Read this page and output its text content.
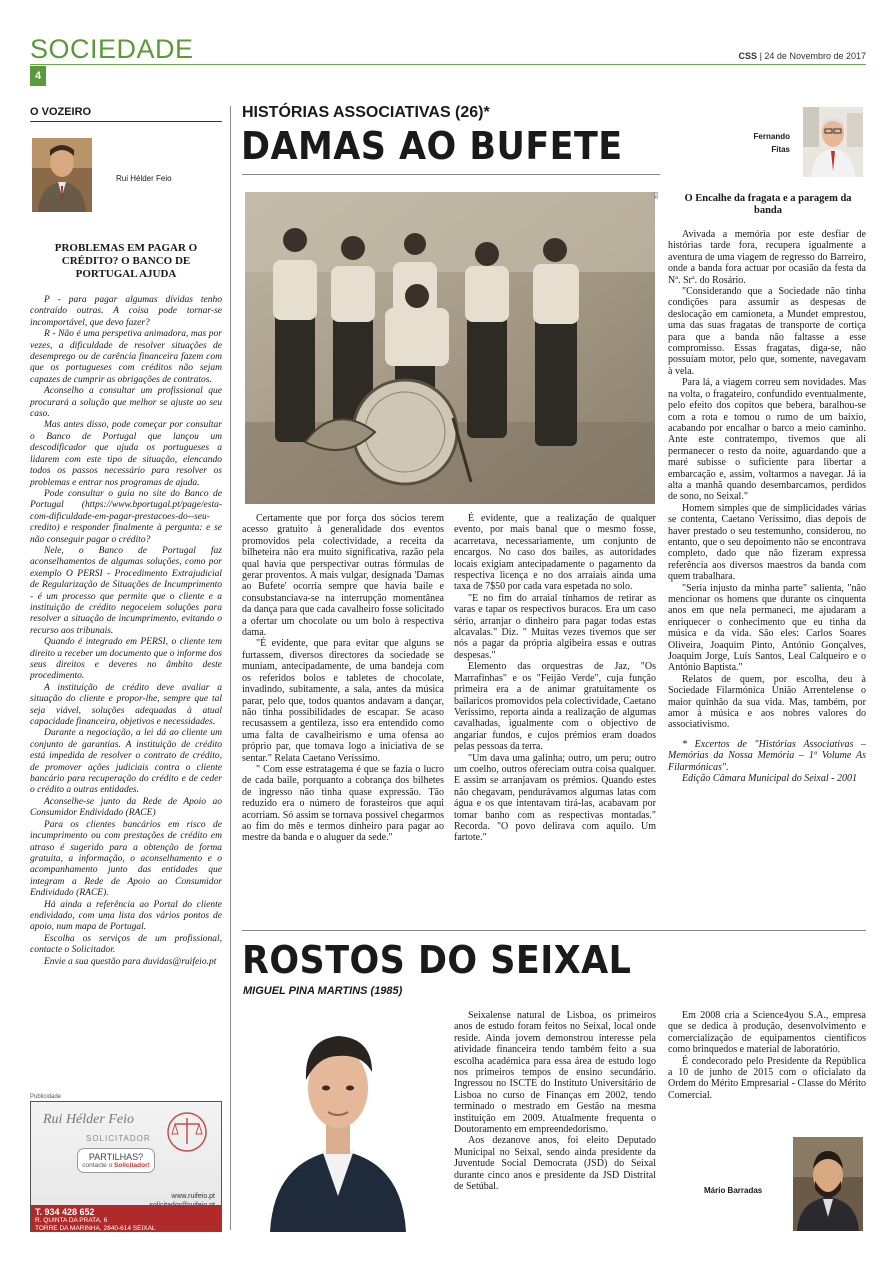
SOCIEDADE
4
CSS | 24 de Novembro de 2017
O VOZEIRO
Rui Hélder Feio
PROBLEMAS EM PAGAR O CRÉDITO? O BANCO DE PORTUGAL AJUDA

P - para pagar algumas dívidas tenho contraído outras. A coisa pode tornar-se incomportável, que devo fazer?

R - Não é uma perspetiva animadora, mas por vezes, a dificuldade de resolver situações de desemprego ou de carência financeira fazem com que os portugueses com créditos não sejam capazes de cumprir as obrigações de contratos.

Aconselho a consultar um profissional que procurará a solução que melhor se ajuste ao seu caso.

Mas antes disso, pode começar por consultar o Banco de Portugal que lançou um descodificador que ajuda os portugueses a lidarem com este tipo de situação, elencando todos os passos necessário para resolver os problemas e entrar nos programas de ajuda.

Pode consultar o guia no site do Banco de Portugal (https://www.bportugal.pt/page/esta-com-dificuldade-em-pagar-prestacoes-do--seu-credito) e responder finalmente à pergunta: e se não conseguir pagar o crédito?

Nele, o Banco de Portugal faz aconselhamentos de algumas soluções, como por exemplo O PERSI - Procedimento Extrajudicial de Regularização de Situações de Incumprimento - é um processo que permite que o cliente e a instituição de crédito negoceiem soluções para resolver a situação de incumprimento, evitando o recurso aos tribunais.

Quando é integrado em PERSI, o cliente tem direito a receber um documento que o informe dos seus direitos e deveres no âmbito deste procedimento.

A instituição de crédito deve avaliar a situação do cliente e propor-lhe, sempre que tal seja viável, soluções adequadas à atual capacidade financeira, objetivos e necessidades.

Durante a negociação, a lei dá ao cliente um conjunto de garantias. A instituição de crédito está impedida de resolver o contrato de crédito, de promover ações judiciais contra o cliente bancário para recuperação do crédito e de ceder o crédito a outras entidades.

Aconselhe-se junto da Rede de Apoio ao Consumidor Endividado (RACE)

Para os clientes bancários em risco de incumprimento ou com prestações de crédito em atraso é sugerido para a obtenção de forma gratuita, a informação, o aconselhamento e o acompanhamento junto das entidades que integram a Rede de Apoio ao Consumidor Endividado (RACE).

Há ainda a referência ao Portal do cliente endividado, com uma lista dos vários pontos de apoio, num mapa de Portugal.

Escolha os serviços de um profissional, contacte o Solicitador.

Envie a sua questão para duvidas@ruifeio.pt

Publicidade
Rui Hélder Feio
SOLICITADOR
PARTILHAS?
contacte o Solicitador!
www.ruifeio.pt
T. 934 428 652
R. QUINTA DA PRATA, 6
TORRE DA MARINHA, 2840-614 SEIXAL
HISTÓRIAS ASSOCIATIVAS (26)*
DAMAS AO BUFETE	Fernando
Fitas
DR	O Encalhe da fragata e a paragem da banda

Certamente que por força dos sócios terem acesso gratuito à generalidade dos eventos promovidos pela colectividade, a receita da bilheteira não era muito significativa, razão pela qual havia que perspectivar outras fórmulas de gerar proventos. A mais vulgar, designada 'Damas ao Bufete' ocorria sempre que havia baile e consubstanciava-se na interrupção momentânea da dança para que cada cavalheiro fosse solicitado a ofertar um chocolate ou um bolo à respectiva dama.

"É evidente, que para evitar que alguns se furtassem, diversos directores da sociedade se muniam, antecipadamente, de uma bandeja com os referidos bolos e tabletes de chocolate, invadindo, subitamente, a sala, antes da música parar, pelo que, todos quantos andavam a dançar, não tinha possibilidades de escapar. Se acaso recusassem a gentileza, isso era entendido como uma falta de cavalheirismo e uma ofensa ao próprio par, que tomava logo a iniciativa de se sentar." Relata Caetano Veríssimo.

" Com esse estratagema é que se fazia o lucro de cada baile, porquanto a cobrança dos bilhetes de ingresso não tinha quase expressão. Tão reduzido era o número de forasteiros que aqui acorriam. Só assim se tornava possível chegarmos ao fim do mês e termos dinheiro para pagar ao mestre da banda e o aluguer da sede."

É evidente, que a realização de qualquer evento, por mais banal que o mesmo fosse, acarretava, necessariamente, um conjunto de encargos. No caso dos bailes, as autoridades locais exigiam antecipadamente o pagamento da respectiva licença e no dos arraiais ainda uma taxa de 7$50 por cada vara espetada no solo.

"E no fim do arraial tínhamos de retirar as varas e tapar os respectivos buracos. Era um caso sério, arranjar o dinheiro para pagar todas estas alcavalas." Diz. " Muitas vezes tivemos que ser nós a pagar da própria algibeira essas e outras despesas."

Elemento das orquestras de Jaz, "Os Marrafinhas" e os "Feijão Verde", cuja função primeira era a de animar gratuitamente os bailaricos promovidos pela colectividade, Caetano Veríssimo, reporta ainda a realização de algumas cavalhadas, igualmente com o objectivo de angariar fundos, e cujos prémios eram doados pelas pessoas da terra.

"Um dava uma galinha; outro, um peru; outro um coelho, outros ofereciam outra coisa qualquer. E assim se arranjavam os prémios. Quando estes não chegavam, pendurávamos algumas latas com água e os que intentavam tirá-las, acabavam por tomar banho com as respectivas montadas." Recorda. "O povo delirava com aquilo. Um fartote."

Avivada a memória por este desfiar de histórias tarde fora, recupera igualmente a aventura de uma viagem de regresso do Barreiro, onde a banda fora actuar por ocasião da festa da Nª. Srª. do Rosário.

"Considerando que a Sociedade não tinha condições para assumir as despesas de deslocação em camioneta, a Mundet emprestou, uma das suas fragatas de transporte de cortiça para que a banda não faltasse a esse compromisso. Essas fragatas, diga-se, não possuíam motor, pelo que, somente, navegavam à vela.

Para lá, a viagem correu sem novidades. Mas na volta, o fragateiro, confundido eventualmente, pelo efeito dos copitos que bebera, baralhou-se com a rota e tomou o rumo de um baixio, acabando por encalhar o barco a meio caminho. Ante este contratempo, tivemos que ali permanecer o resto da noite, aguardando que a maré subisse o suficiente para libertar a embarcação e, assim, voltarmos a navegar. Já ia alta a manhã quando desembarcamos, perdidos de sono, no Seixal."

Homem simples que de simplicidades várias se contenta, Caetano Veríssimo, dias depois de haver prestado o seu testemunho, considerou, no entanto, que o seu depoimento não se encontrava completo, dado que não fizeram expressa referência aos diversos maestros da banda com quem trabalhara.

"Seria injusto da minha parte" salienta, "não mencionar os homens que durante os cinquenta anos em que nela permaneci, me ajudaram a enriquecer o conhecimento que eu tinha da música e da vida. São eles: Carlos Soares Oliveira, Joaquim Pinto, António Gonçalves, Joaquim Jorge, Luís Santos, Leal Calqueiro e o António Baptista."

Relatos de quem, por escolha, deu à Sociedade Filarmónica União Arrentelense o maior quinhão da sua vida. Mas, também, por amor à música e aos nobres valores do associativismo.

* Excertos de "Histórias Associativas – Memórias da Nossa Memória – 1º Volume As Filarmónicas".

Edição Câmara Municipal do Seixal - 2001

ROSTOS DO SEIXAL
MIGUEL PINA MARTINS (1985)

Seixalense natural de Lisboa, os primeiros anos de estudo foram feitos no Seixal, local onde reside. Ainda jovem demonstrou interesse pela atividade financeira tendo também feito a sua escolha académica para essa área de estudo logo nos primeiros tempos de ensino secundário. Ingressou no ISCTE do Instituto Universitário de Lisboa no curso de Finanças em 2002, tendo terminado o mestrado em Gestão na mesma instituição em 2009. Atualmente frequenta o Doutoramento em empreendedorismo.

Aos dezanove anos, foi eleito Deputado Municipal no Seixal, sendo ainda presidente da Juventude Social Democrata (JSD) do Seixal durante cinco anos e presidente da JSD Distrital de Setúbal.

Em 2008 cria a Science4you S.A., empresa que se dedica à produção, desenvolvimento e comercialização de equipamentos científicos como brinquedos e material de laboratório.

É condecorado pelo Presidente da República a 10 de junho de 2015 com o oficialato da Ordem do Mérito Empresarial - Classe do Mérito Comercial.

Mário Barradas
